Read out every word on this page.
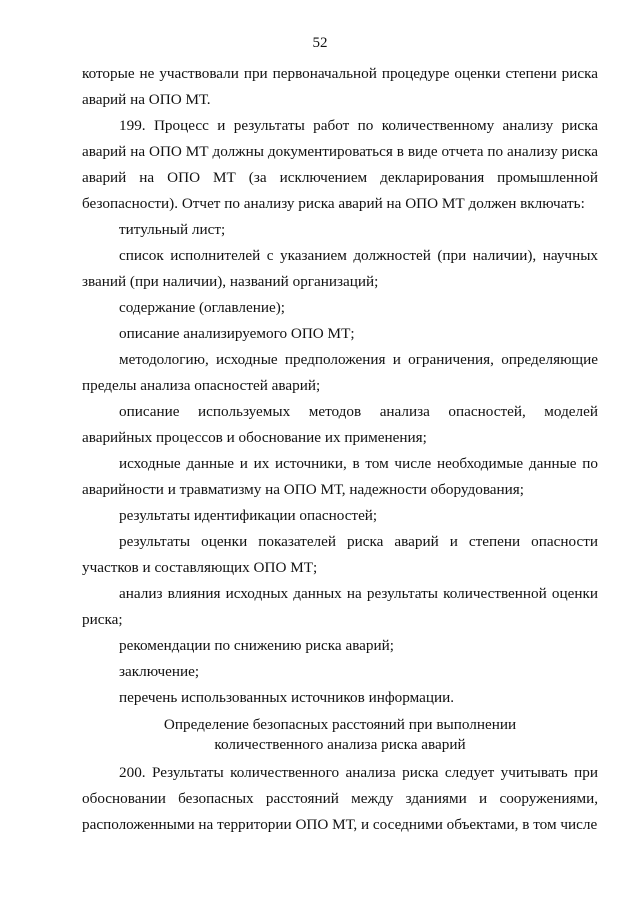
52

которые не участвовали при первоначальной процедуре оценки степени риска аварий на ОПО МТ.

199. Процесс и результаты работ по количественному анализу риска аварий на ОПО МТ должны документироваться в виде отчета по анализу риска аварий на ОПО МТ (за исключением декларирования промышленной безопасности). Отчет по анализу риска аварий на ОПО МТ должен включать:

титульный лист;

список исполнителей с указанием должностей (при наличии), научных званий (при наличии), названий организаций;

содержание (оглавление);

описание анализируемого ОПО МТ;

методологию, исходные предположения и ограничения, определяющие пределы анализа опасностей аварий;

описание используемых методов анализа опасностей, моделей аварийных процессов и обоснование их применения;

исходные данные и их источники, в том числе необходимые данные по аварийности и травматизму на ОПО МТ, надежности оборудования;

результаты идентификации опасностей;

результаты оценки показателей риска аварий и степени опасности участков и составляющих ОПО МТ;

анализ влияния исходных данных на результаты количественной оценки риска;

рекомендации по снижению риска аварий;

заключение;

перечень использованных источников информации.

Определение безопасных расстояний при выполнении
количественного анализа риска аварий

200. Результаты количественного анализа риска следует учитывать при обосновании безопасных расстояний между зданиями и сооружениями, расположенными на территории ОПО МТ, и соседними объектами, в том числе
